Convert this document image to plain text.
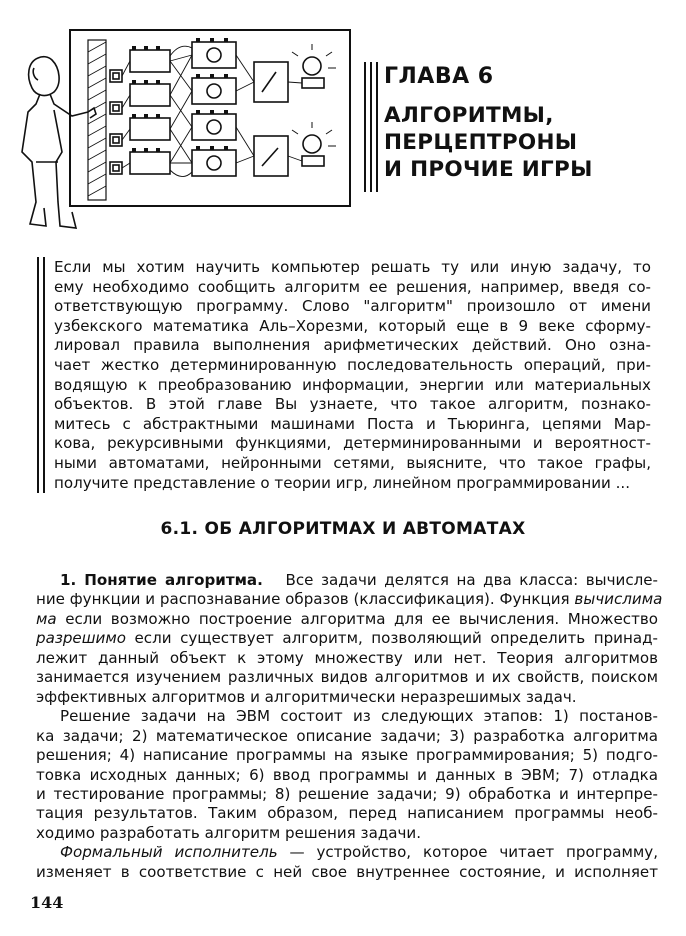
ГЛАВА 6
АЛГОРИТМЫ,
ПЕРЦЕПТРОНЫ
И ПРОЧИЕ ИГРЫ
Если мы хотим научить компьютер решать ту или иную задачу, то
ему необходимо сообщить алгоритм ее решения, например, введя со-
ответствующую программу. Слово "алгоритм" произошло от имени
узбекского математика Аль–Хорезми, который еще в 9 веке сформу-
лировал правила выполнения арифметических действий. Оно озна-
чает жестко детерминированную последовательность операций, при-
водящую к преобразованию информации, энергии или материальных
объектов. В этой главе Вы узнаете, что такое алгоритм, познако-
митесь с абстрактными машинами Поста и Тьюринга, цепями Мар-
кова, рекурсивными функциями, детерминированными и вероятност-
ными автоматами, нейронными сетями, выясните, что такое графы,
получите представление о теории игр, линейном программировании ...
6.1. ОБ АЛГОРИТМАХ И АВТОМАТАХ
1. Понятие алгоритма. Все задачи делятся на два класса: вычисле-
ние функции и распознавание образов (классификация). Функция вычислима
ма если возможно построение алгоритма для ее вычисления. Множество
разрешимо если существует алгоритм, позволяющий определить принад-
лежит данный объект к этому множеству или нет. Теория алгоритмов
занимается изучением различных видов алгоритмов и их свойств, поиском
эффективных алгоритмов и алгоритмически неразрешимых задач.
Решение задачи на ЭВМ состоит из следующих этапов: 1) постанов-
ка задачи; 2) математическое описание задачи; 3) разработка алгоритма
решения; 4) написание программы на языке программирования; 5) подго-
товка исходных данных; 6) ввод программы и данных в ЭВМ; 7) отладка
и тестирование программы; 8) решение задачи; 9) обработка и интерпре-
тация результатов. Таким образом, перед написанием программы необ-
ходимо разработать алгоритм решения задачи.
Формальный исполнитель — устройство, которое читает программу,
изменяет в соответствие с ней свое внутреннее состояние, и исполняет
144
